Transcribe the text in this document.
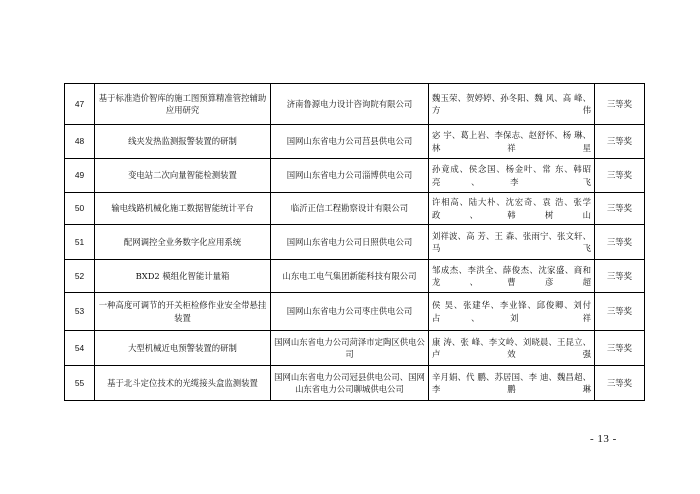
47	基于标准造价智库的施工图预算精准管控辅助应用研究	济南鲁源电力设计咨询院有限公司	魏玉荣、贺婷婷、孙冬阳、魏 风、高 峰、方 伟	三等奖
48	线夹发热监测报警装置的研制	国网山东省电力公司莒县供电公司	宓 宇、葛上岩、李保志、赵舒怀、杨 琳、林祥星	三等奖
49	变电站二次向量智能检测装置	国网山东省电力公司淄博供电公司	孙竟成、侯念国、杨金叶、常 东、韩昭亮、李 飞	三等奖
50	输电线路机械化施工数据智能统计平台	临沂正信工程勘察设计有限公司	许相高、陆大朴、沈宏奇、袁 浩、张学政、韩树山	三等奖
51	配网调控全业务数字化应用系统	国网山东省电力公司日照供电公司	刘祥波、高 芳、王 森、张雨宁、张文轩、马 飞	三等奖
52	BXD2 模组化智能计量箱	山东电工电气集团新能科技有限公司	邹成杰、李洪全、薛俊杰、沈家盛、商和龙、曹彦超	三等奖
53	一种高度可调节的开关柜检修作业安全带悬挂装置	国网山东省电力公司枣庄供电公司	侯 昊、张建华、李业锋、邱俊卿、刘付占、刘 祥	三等奖
54	大型机械近电预警装置的研制	国网山东省电力公司菏泽市定陶区供电公司	康 涛、张 峰、李文岭、刘晓晨、王昆立、卢效强	三等奖
55	基于北斗定位技术的光缆接头盒监测装置	国网山东省电力公司冠县供电公司、国网山东省电力公司聊城供电公司	辛月娟、代 鹏、苏居国、李 迪、魏昌超、李鹏琳	三等奖
- 13 -
